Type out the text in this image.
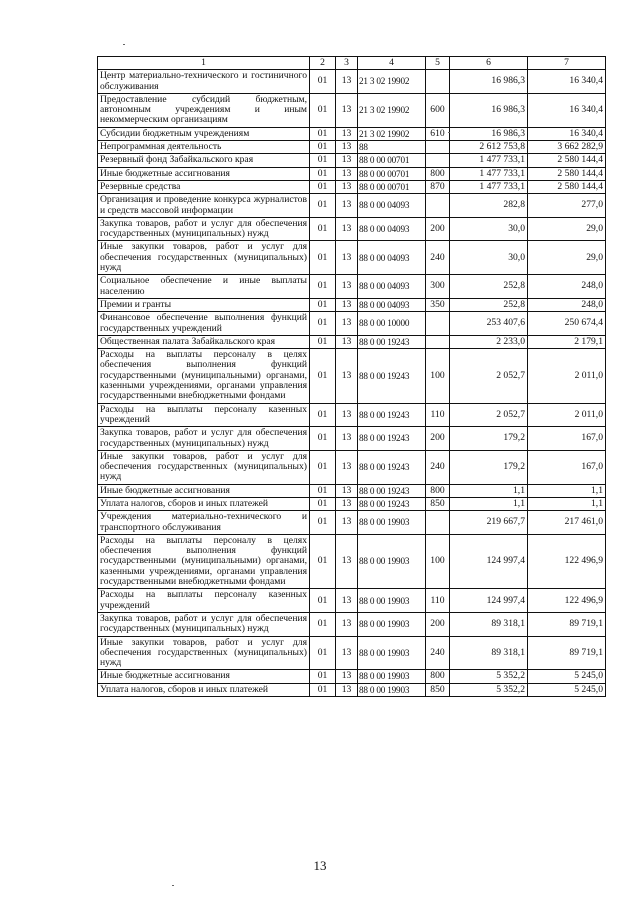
1	2	3	4	5	6	7
Центр материально-технического и гостиничного обслуживания	01	13	21 3 02 19902		16 986,3	16 340,4
Предоставление субсидий бюджетным, автономным учреждениям и иным некоммерческим организациям	01	13	21 3 02 19902	600	16 986,3	16 340,4
Субсидии бюджетным учреждениям	01	13	21 3 02 19902	610	16 986,3	16 340,4
Непрограммная деятельность	01	13	88		2 612 753,8	3 662 282,9
Резервный фонд Забайкальского края	01	13	88 0 00 00701		1 477 733,1	2 580 144,4
Иные бюджетные ассигнования	01	13	88 0 00 00701	800	1 477 733,1	2 580 144,4
Резервные средства	01	13	88 0 00 00701	870	1 477 733,1	2 580 144,4
Организация и проведение конкурса журналистов и средств массовой информации	01	13	88 0 00 04093		282,8	277,0
Закупка товаров, работ и услуг для обеспечения государственных (муниципальных) нужд	01	13	88 0 00 04093	200	30,0	29,0
Иные закупки товаров, работ и услуг для обеспечения государственных (муниципальных) нужд	01	13	88 0 00 04093	240	30,0	29,0
Социальное обеспечение и иные выплаты населению	01	13	88 0 00 04093	300	252,8	248,0
Премии и гранты	01	13	88 0 00 04093	350	252,8	248,0
Финансовое обеспечение выполнения функций государственных учреждений	01	13	88 0 00 10000		253 407,6	250 674,4
Общественная палата Забайкальского края	01	13	88 0 00 19243		2 233,0	2 179,1
Расходы на выплаты персоналу в целях обеспечения выполнения функций государственными (муниципальными) органами, казенными учреждениями, органами управления государственными внебюджетными фондами	01	13	88 0 00 19243	100	2 052,7	2 011,0
Расходы на выплаты персоналу казенных учреждений	01	13	88 0 00 19243	110	2 052,7	2 011,0
Закупка товаров, работ и услуг для обеспечения государственных (муниципальных) нужд	01	13	88 0 00 19243	200	179,2	167,0
Иные закупки товаров, работ и услуг для обеспечения государственных (муниципальных) нужд	01	13	88 0 00 19243	240	179,2	167,0
Иные бюджетные ассигнования	01	13	88 0 00 19243	800	1,1	1,1
Уплата налогов, сборов и иных платежей	01	13	88 0 00 19243	850	1,1	1,1
Учреждения материально-технического и транспортного обслуживания	01	13	88 0 00 19903		219 667,7	217 461,0
Расходы на выплаты персоналу в целях обеспечения выполнения функций государственными (муниципальными) органами, казенными учреждениями, органами управления государственными внебюджетными фондами	01	13	88 0 00 19903	100	124 997,4	122 496,9
Расходы на выплаты персоналу казенных учреждений	01	13	88 0 00 19903	110	124 997,4	122 496,9
Закупка товаров, работ и услуг для обеспечения государственных (муниципальных) нужд	01	13	88 0 00 19903	200	89 318,1	89 719,1
Иные закупки товаров, работ и услуг для обеспечения государственных (муниципальных) нужд	01	13	88 0 00 19903	240	89 318,1	89 719,1
Иные бюджетные ассигнования	01	13	88 0 00 19903	800	5 352,2	5 245,0
Уплата налогов, сборов и иных платежей	01	13	88 0 00 19903	850	5 352,2	5 245,0
13
